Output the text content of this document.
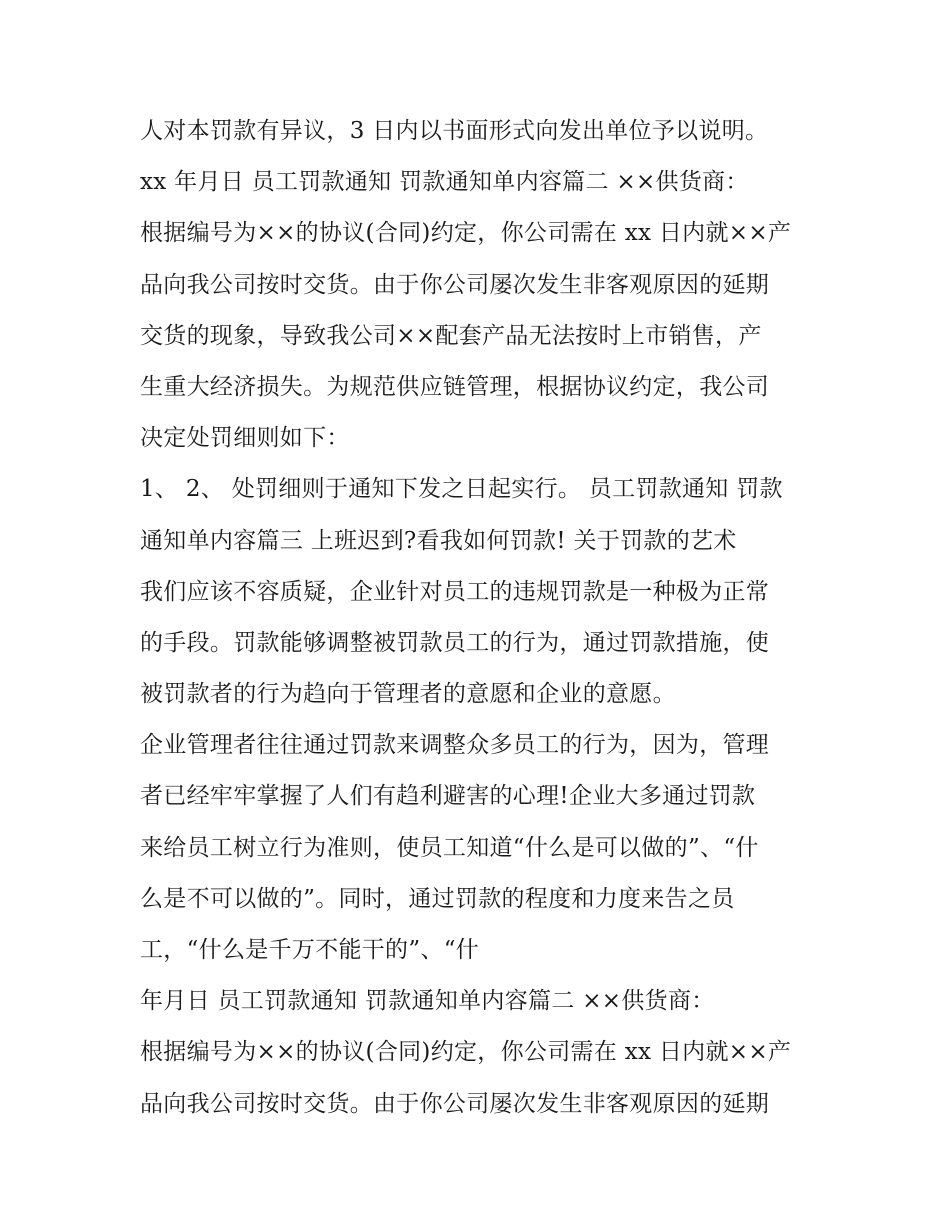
人对本罚款有异议，3 日内以书面形式向发出单位予以说明。
xx 年月日 员工罚款通知 罚款通知单内容篇二 ××供货商：
根据编号为××的协议(合同)约定，你公司需在 xx 日内就××产
品向我公司按时交货。由于你公司屡次发生非客观原因的延期
交货的现象，导致我公司××配套产品无法按时上市销售，产
生重大经济损失。为规范供应链管理，根据协议约定，我公司
决定处罚细则如下：
1、 2、 处罚细则于通知下发之日起实行。 员工罚款通知 罚款
通知单内容篇三 上班迟到?看我如何罚款! 关于罚款的艺术
我们应该不容质疑，企业针对员工的违规罚款是一种极为正常
的手段。罚款能够调整被罚款员工的行为，通过罚款措施，使
被罚款者的行为趋向于管理者的意愿和企业的意愿。
企业管理者往往通过罚款来调整众多员工的行为，因为，管理
者已经牢牢掌握了人们有趋利避害的心理!企业大多通过罚款
来给员工树立行为准则，使员工知道“什么是可以做的”、“什
么是不可以做的”。同时，通过罚款的程度和力度来告之员
工，“什么是千万不能干的”、“什
年月日 员工罚款通知 罚款通知单内容篇二 ××供货商：
根据编号为××的协议(合同)约定，你公司需在 xx 日内就××产
品向我公司按时交货。由于你公司屡次发生非客观原因的延期
